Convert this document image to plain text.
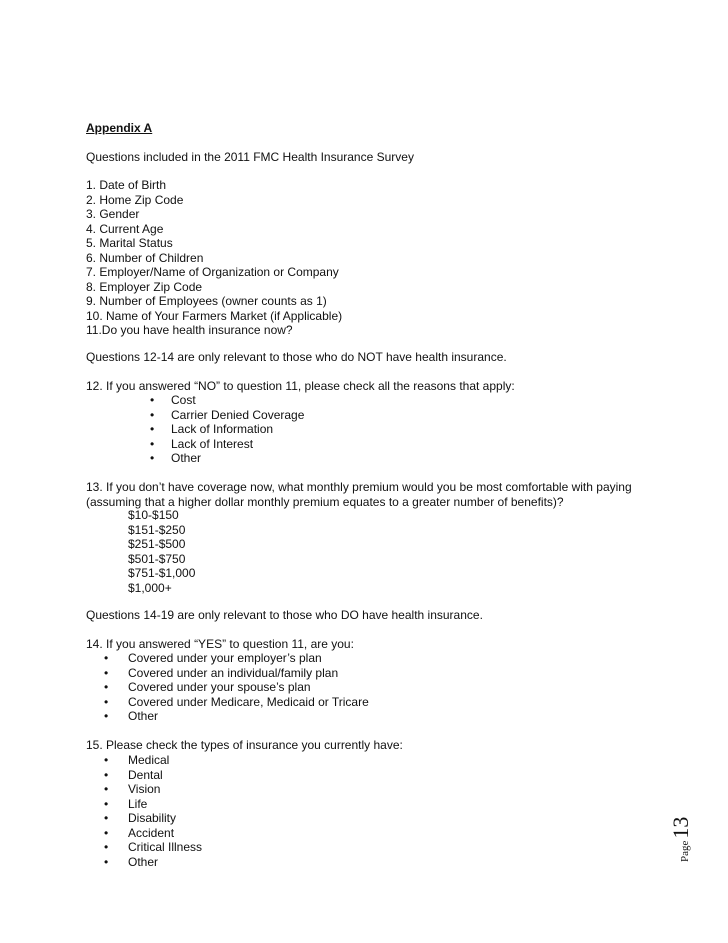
Appendix A
Questions included in the 2011 FMC Health Insurance Survey
1. Date of Birth
2. Home Zip Code
3. Gender
4. Current Age
5. Marital Status
6. Number of Children
7. Employer/Name of Organization or Company
8. Employer Zip Code
9. Number of Employees (owner counts as 1)
10. Name of Your Farmers Market (if Applicable)
11.Do you have health insurance now?
Questions 12-14 are only relevant to those who do NOT have health insurance.
12. If you answered “NO” to question 11, please check all the reasons that apply:
• Cost
• Carrier Denied Coverage
• Lack of Information
• Lack of Interest
• Other
13. If you don’t have coverage now, what monthly premium would you be most comfortable with paying
(assuming that a higher dollar monthly premium equates to a greater number of benefits)?
$10-$150
$151-$250
$251-$500
$501-$750
$751-$1,000
$1,000+
Questions 14-19 are only relevant to those who DO have health insurance.
14. If you answered “YES” to question 11, are you:
• Covered under your employer’s plan
• Covered under an individual/family plan
• Covered under your spouse’s plan
• Covered under Medicare, Medicaid or Tricare
• Other
15. Please check the types of insurance you currently have:
• Medical
• Dental
• Vision
• Life
• Disability
• Accident
• Critical Illness
• Other	Page13
